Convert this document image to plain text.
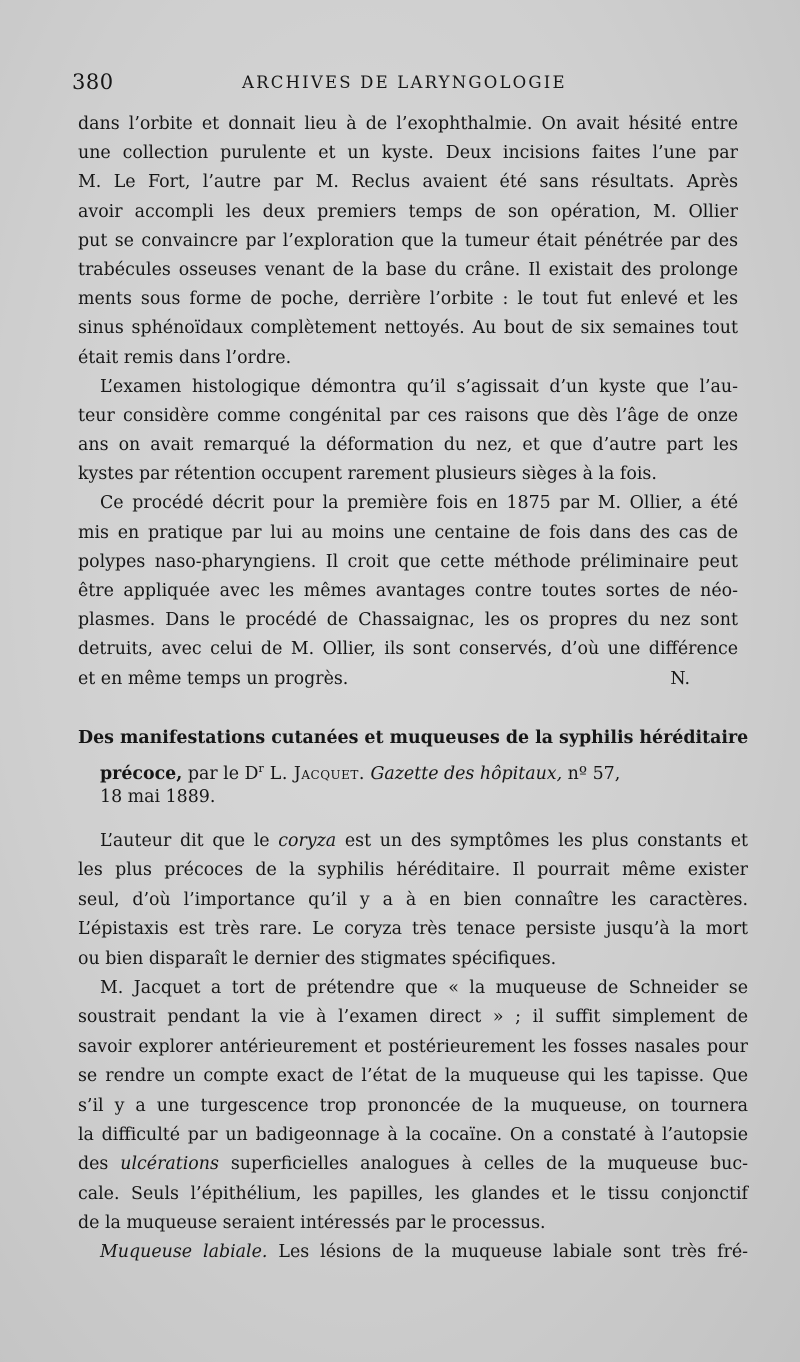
380	ARCHIVES DE LARYNGOLOGIE
dans l’orbite et donnait lieu à de l’exophthalmie. On avait hésité entre
une collection purulente et un kyste. Deux incisions faites l’une par
M. Le Fort, l’autre par M. Reclus avaient été sans résultats. Après
avoir accompli les deux premiers temps de son opération, M. Ollier
put se convaincre par l’exploration que la tumeur était pénétrée par des
trabécules osseuses venant de la base du crâne. Il existait des prolonge
ments sous forme de poche, derrière l’orbite : le tout fut enlevé et les
sinus sphénoïdaux complètement nettoyés. Au bout de six semaines tout
était remis dans l’ordre.
L’examen histologique démontra qu’il s’agissait d’un kyste que l’au-
teur considère comme congénital par ces raisons que dès l’âge de onze
ans on avait remarqué la déformation du nez, et que d’autre part les
kystes par rétention occupent rarement plusieurs sièges à la fois.
Ce procédé décrit pour la première fois en 1875 par M. Ollier, a été
mis en pratique par lui au moins une centaine de fois dans des cas de
polypes naso-pharyngiens. Il croit que cette méthode préliminaire peut
être appliquée avec les mêmes avantages contre toutes sortes de néo-
plasmes. Dans le procédé de Chassaignac, les os propres du nez sont
detruits, avec celui de M. Ollier, ils sont conservés, d’où une différence
et en même temps un progrès.	N.
Des manifestations cutanées et muqueuses de la syphilis héréditaire
précoce, par le $D^r$ L. Jacquet. Gazette des hôpitaux, nº 57,
18 mai 1889.
L’auteur dit que le coryza est un des symptômes les plus constants et
les plus précoces de la syphilis héréditaire. Il pourrait même exister
seul, d’où l’importance qu’il y a à en bien connaître les caractères.
L’épistaxis est très rare. Le coryza très tenace persiste jusqu’à la mort
ou bien disparaît le dernier des stigmates spécifiques.
M. Jacquet a tort de prétendre que « la muqueuse de Schneider se
soustrait pendant la vie à l’examen direct » ; il suffit simplement de
savoir explorer antérieurement et postérieurement les fosses nasales pour
se rendre un compte exact de l’état de la muqueuse qui les tapisse. Que
s’il y a une turgescence trop prononcée de la muqueuse, on tournera
la difficulté par un badigeonnage à la cocaïne. On a constaté à l’autopsie
des ulcérations superficielles analogues à celles de la muqueuse buc-
cale. Seuls l’épithélium, les papilles, les glandes et le tissu conjonctif
de la muqueuse seraient intéressés par le processus.
Muqueuse labiale. Les lésions de la muqueuse labiale sont très fré-
